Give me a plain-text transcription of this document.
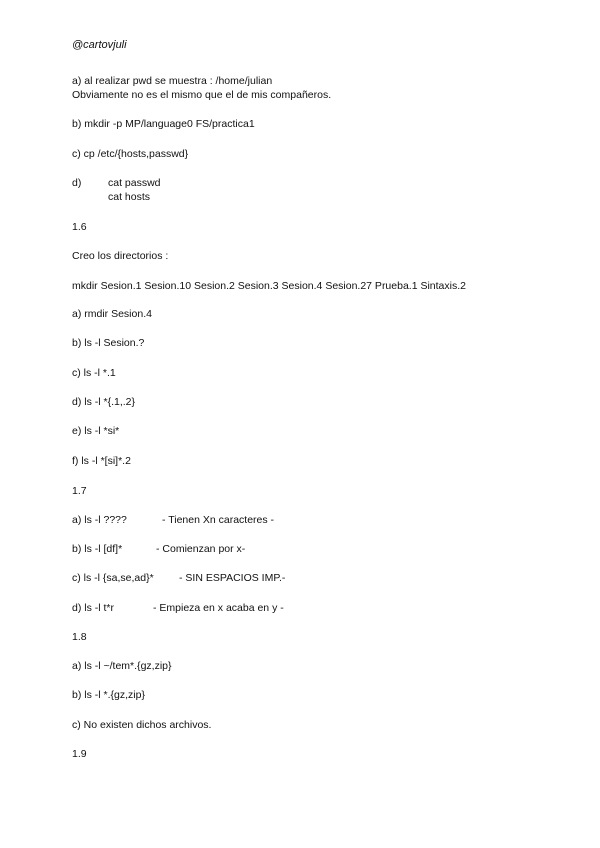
@cartovjuli
a) al realizar pwd se muestra : /home/julian
Obviamente no es el mismo que el de mis compañeros.
b) mkdir -p MP/language0 FS/practica1
c) cp /etc/{hosts,passwd}
d)	cat passwd
cat hosts
1.6
Creo los directorios :
mkdir Sesion.1 Sesion.10 Sesion.2 Sesion.3 Sesion.4 Sesion.27 Prueba.1 Sintaxis.2
a) rmdir Sesion.4
b) ls -l Sesion.?
c) ls -l *.1
d) ls -l *{.1,.2}
e) ls -l *si*
f) ls -l *[si]*.2
1.7
a) ls -l ????	- Tienen Xn caracteres -
b) ls -l [df]*	- Comienzan por x-
c) ls -l {sa,se,ad}* - SIN ESPACIOS IMP.-
d) ls -l t*r	- Empieza en x acaba en y -
1.8
a) ls -l ~/tem*.{gz,zip}
b) ls -l *.{gz,zip}
c) No existen dichos archivos.
1.9
